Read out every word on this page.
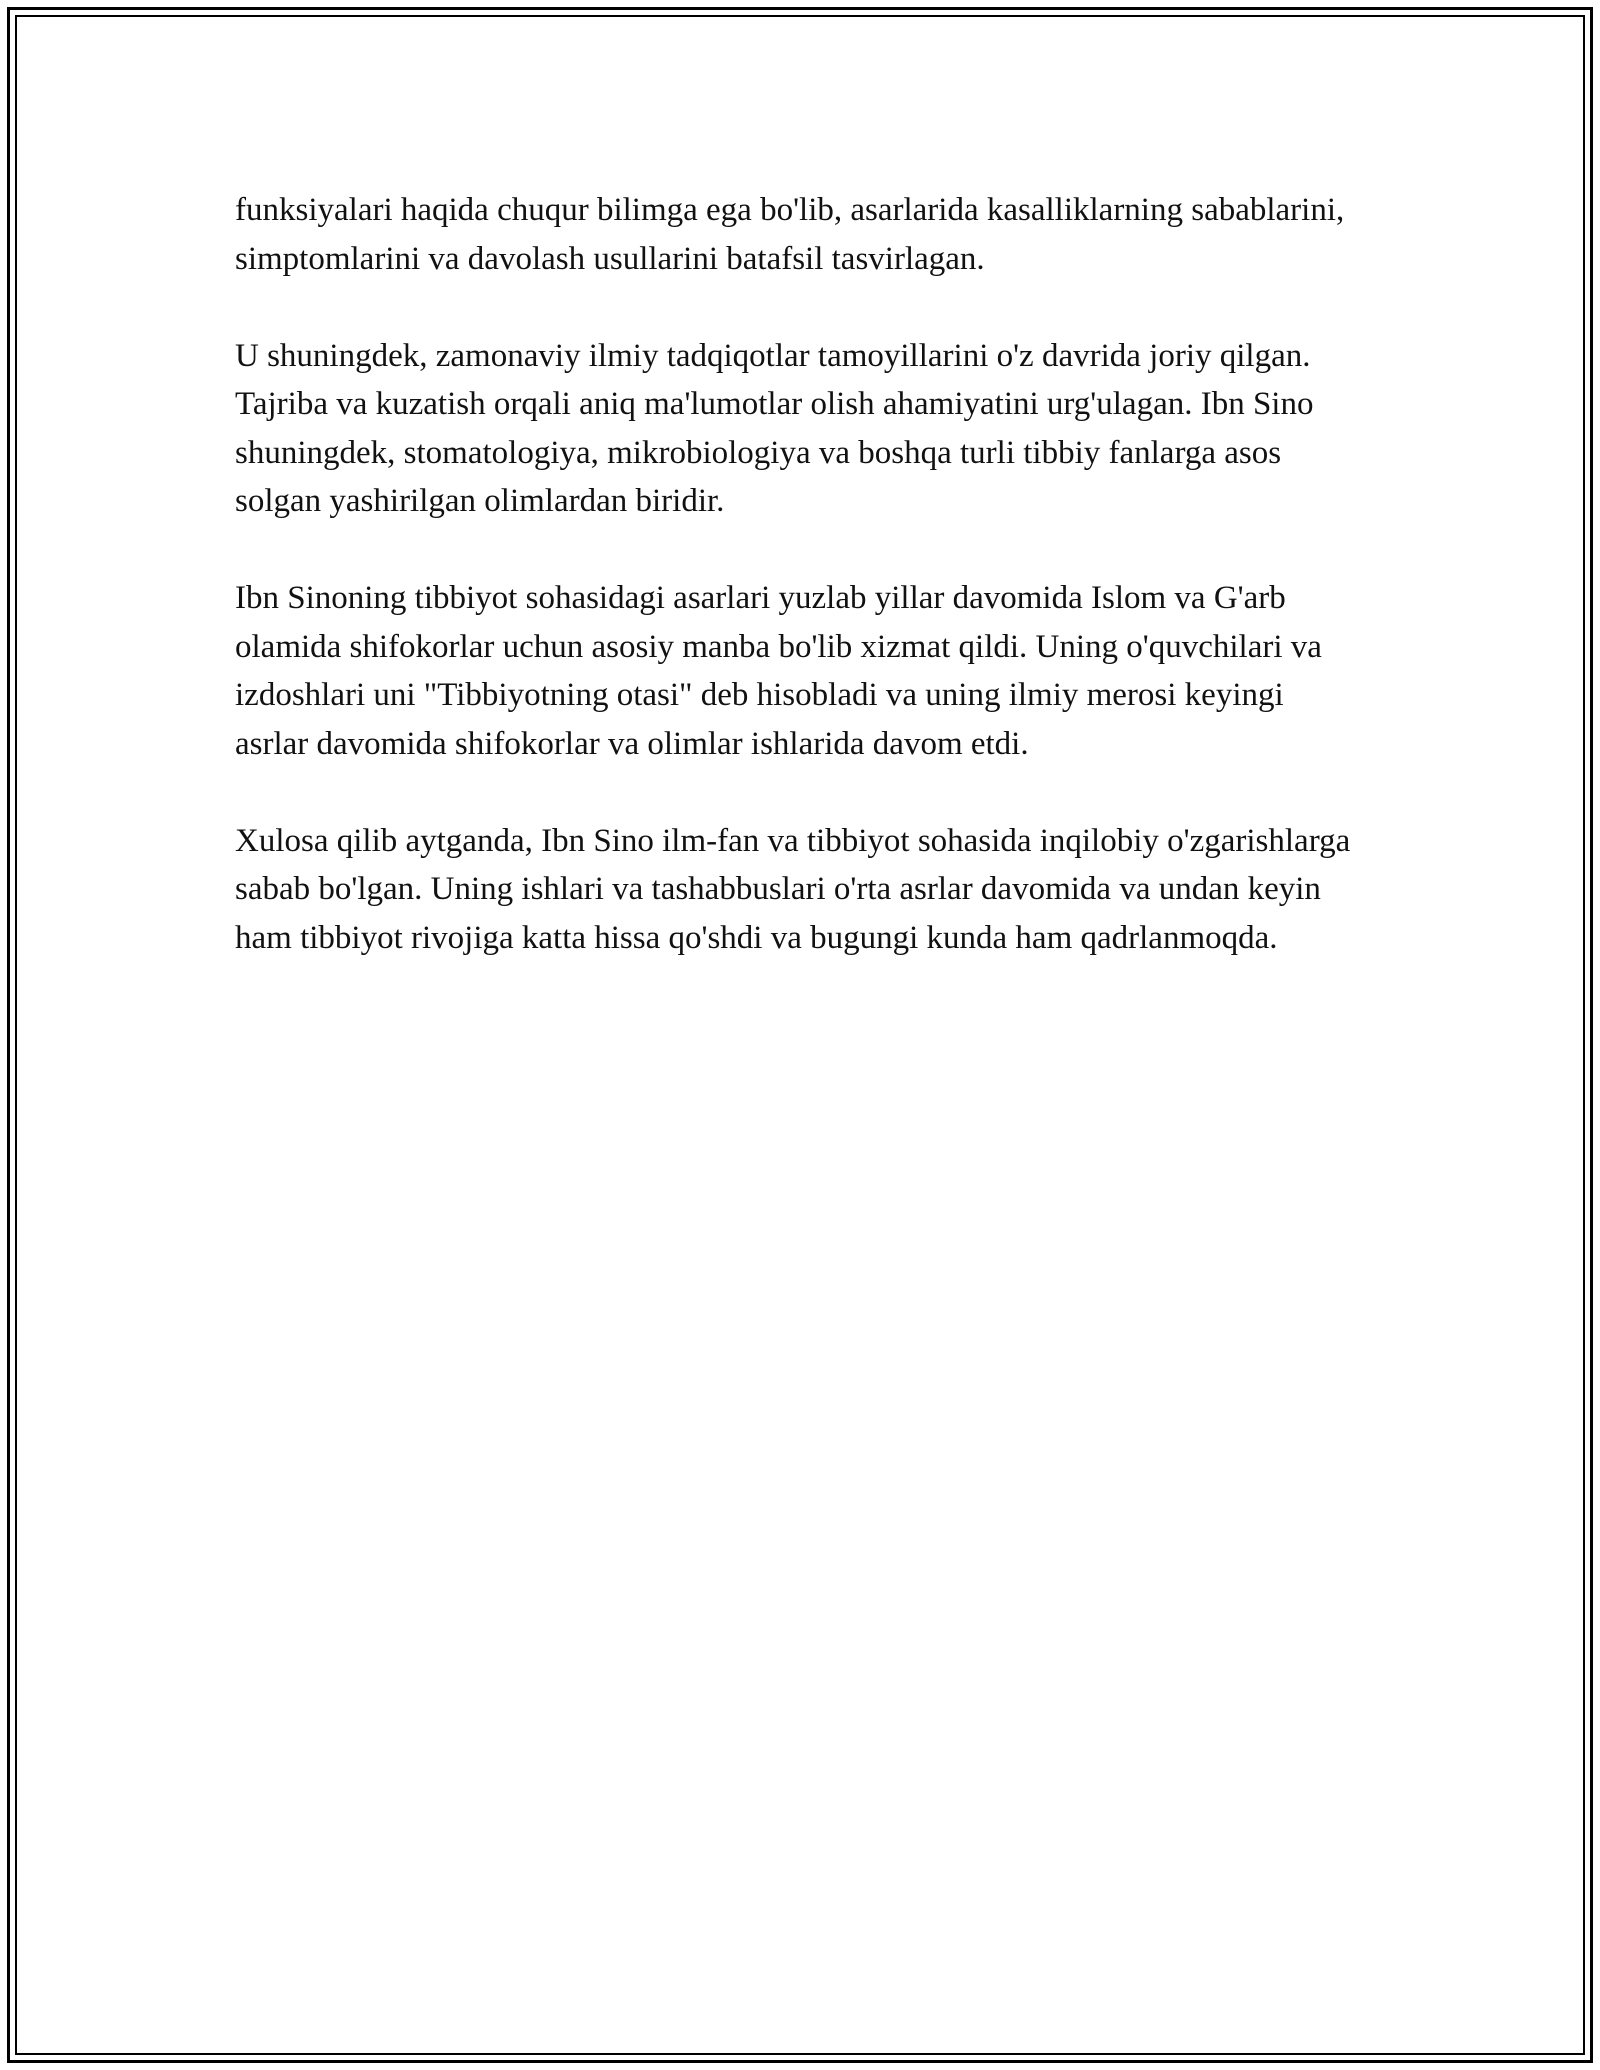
funksiyalari haqida chuqur bilimga ega bo'lib, asarlarida kasalliklarning sabablarini, simptomlarini va davolash usullarini batafsil tasvirlagan.

U shuningdek, zamonaviy ilmiy tadqiqotlar tamoyillarini o'z davrida joriy qilgan. Tajriba va kuzatish orqali aniq ma'lumotlar olish ahamiyatini urg'ulagan. Ibn Sino shuningdek, stomatologiya, mikrobiologiya va boshqa turli tibbiy fanlarga asos solgan yashirilgan olimlardan biridir.

Ibn Sinoning tibbiyot sohasidagi asarlari yuzlab yillar davomida Islom va G'arb olamida shifokorlar uchun asosiy manba bo'lib xizmat qildi. Uning o'quvchilari va izdoshlari uni "Tibbiyotning otasi" deb hisobladi va uning ilmiy merosi keyingi asrlar davomida shifokorlar va olimlar ishlarida davom etdi.

Xulosa qilib aytganda, Ibn Sino ilm-fan va tibbiyot sohasida inqilobiy o'zgarishlarga sabab bo'lgan. Uning ishlari va tashabbuslari o'rta asrlar davomida va undan keyin ham tibbiyot rivojiga katta hissa qo'shdi va bugungi kunda ham qadrlanmoqda.
